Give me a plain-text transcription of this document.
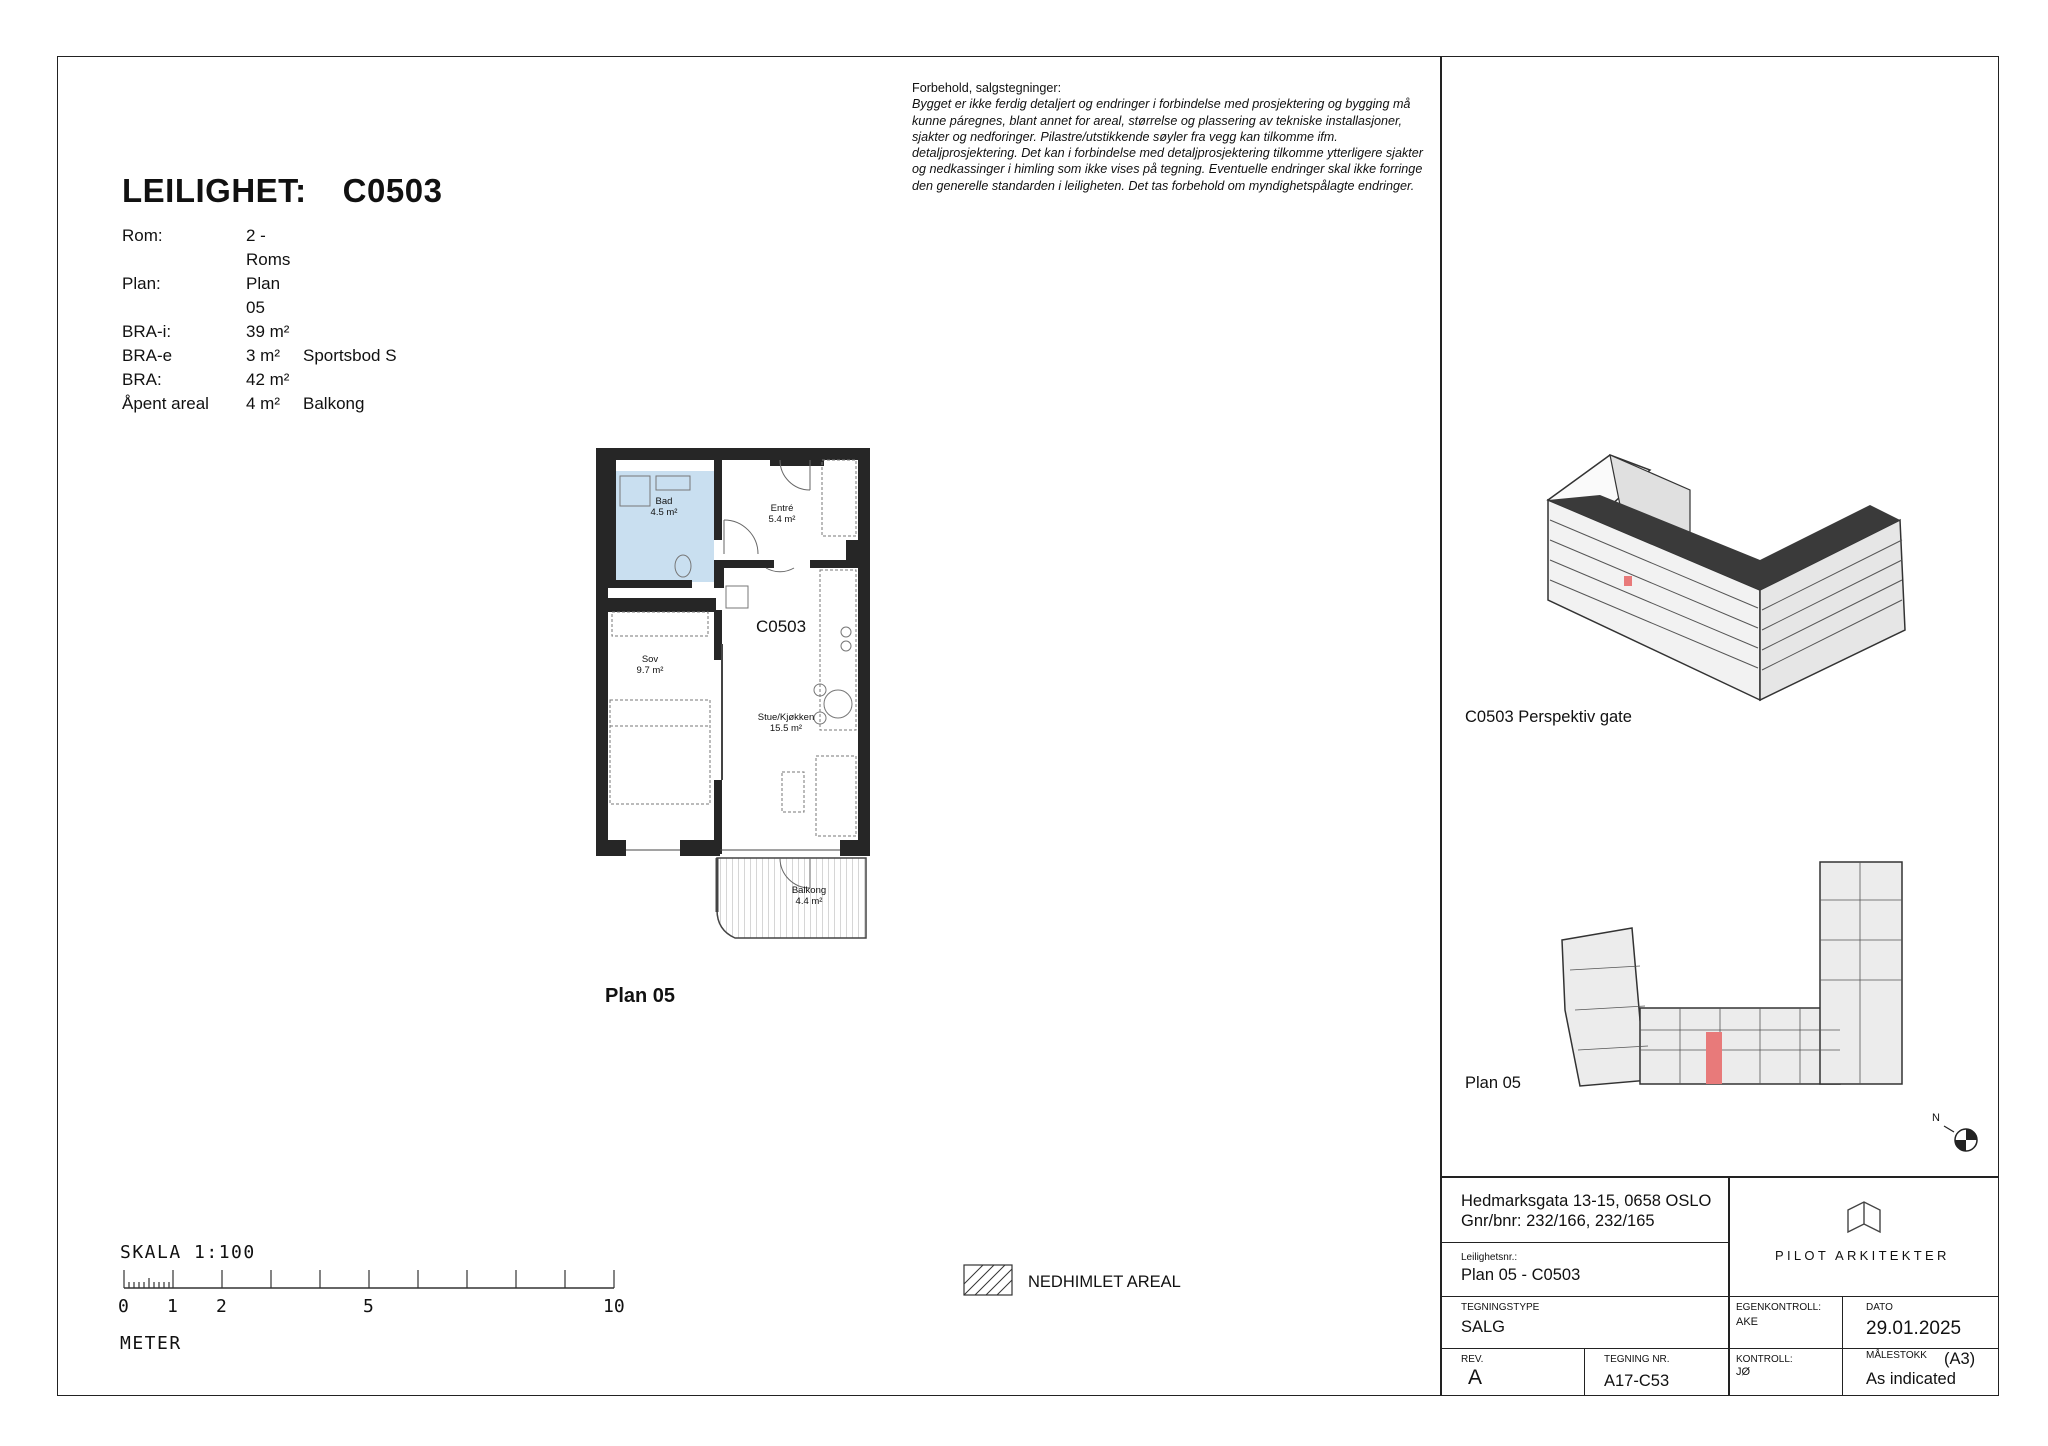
LEILIGHET: C0503
Rom:	2 - Roms
Plan:	Plan 05
BRA-i:	39 m²
BRA-e	3 m²	Sportsbod S
BRA:	42 m²
Åpent areal	4 m²	Balkong
Forbehold, salgstegninger:
Bygget er ikke ferdig detaljert og endringer i forbindelse med prosjektering og bygging må kunne páregnes, blant annet for areal, størrelse og plassering av tekniske installasjoner, sjakter og nedforinger. Pilastre/utstikkende søyler fra vegg kan tilkomme ifm. detaljprosjektering. Det kan i forbindelse med detaljprosjektering tilkomme ytterligere sjakter og nedkassinger i himling som ikke vises på tegning. Eventuelle endringer skal ikke forringe den generelle standarden i leiligheten. Det tas forbehold om myndighetspålagte endringer.
Bad
4.5 m²	Entré
5.4 m²
Sov
9.7 m²
Stue/Kjøkken
15.5 m²
Balkong
4.4 m²
C0503
Plan 05
SKALA 1:100
0 1 2	5	10
METER
NEDHIMLET AREAL
C0503 Perspektiv gate
Plan 05
N
Hedmarksgata 13-15, 0658 OSLO
Gnr/bnr: 232/166, 232/165
Leilighetsnr.:
Plan 05 - C0503
PILOT ARKITEKTER
TEGNINGSTYPE
SALG
EGENKONTROLL:
AKE
DATO
29.01.2025
REV.
A
TEGNING NR.
A17-C53
KONTROLL:
JØ
MÅLESTOKK (A3)
As indicated
